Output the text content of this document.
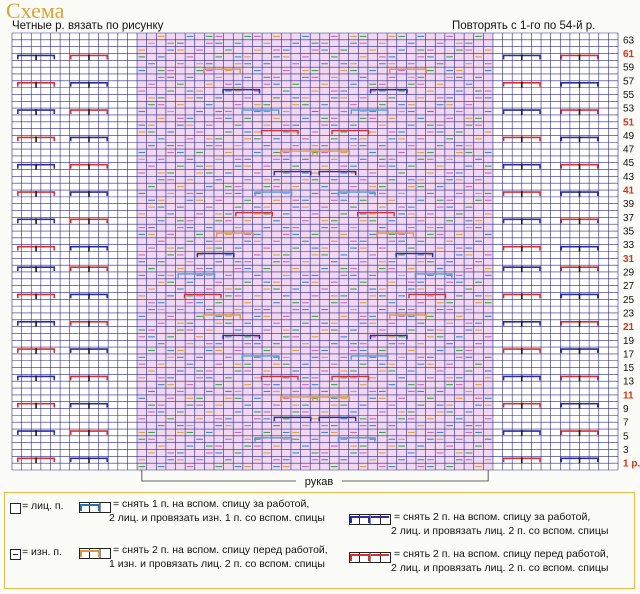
Схема
Четные р. вязать по рисунку	Повторять с 1-го по 54-й р.
63
61
59
57
55
53
51
49
47
45
43
41
39
37
35
33
31
29
27
25
23
21
19
17
15
13
11
9
7
5
3
1 р.
рукав
= лиц. п.
= изн. п.
= снять 1 п. на вспом. спицу за работой,
2 лиц. и провязать изн. 1 п. со вспом. спицы
= снять 2 п. на вспом. спицу перед работой,
1 изн. и провязать лиц. 2 п. со вспом. спицы
= снять 2 п. на вспом. спицу за работой,
2 лиц. и провязать лиц. 2 п. со вспом. спицы
= снять 2 п. на вспом. спицу перед работой,
2 лиц. и провязать лиц. 2 п. со вспом. спицы
